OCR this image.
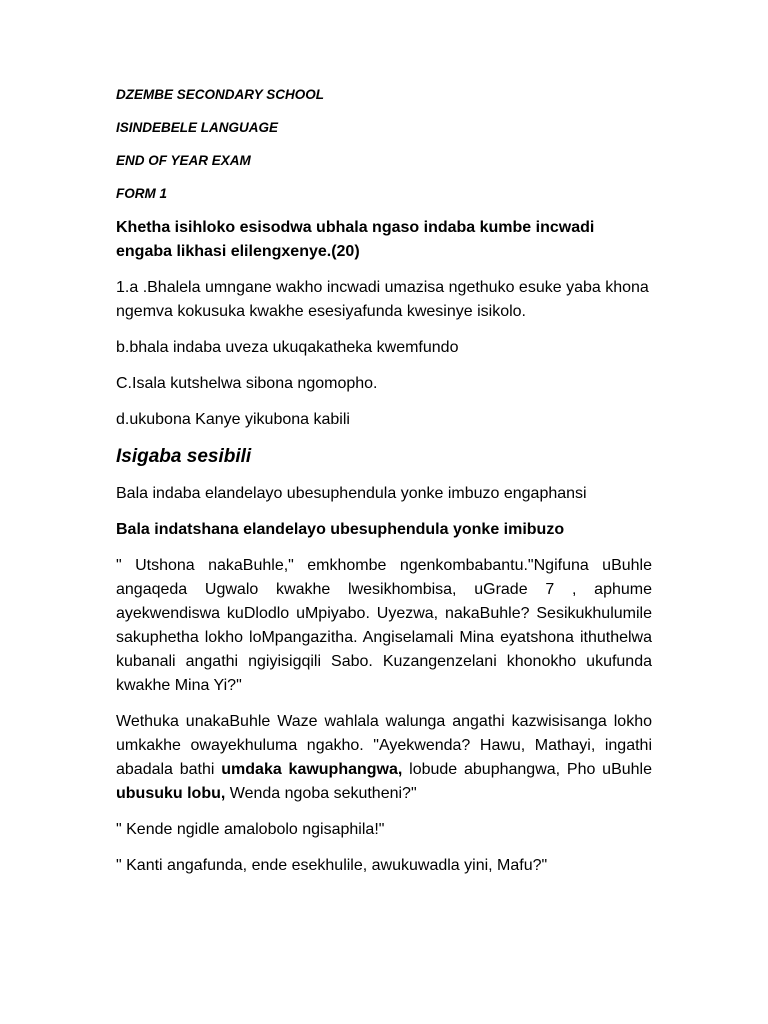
DZEMBE SECONDARY SCHOOL
ISINDEBELE LANGUAGE
END OF YEAR EXAM
FORM 1

Khetha isihloko esisodwa ubhala ngaso indaba kumbe incwadi engaba likhasi elilengxenye.(20)

1.a .Bhalela umngane wakho incwadi umazisa ngethuko esuke yaba khona ngemva kokusuka kwakhe esesiyafunda kwesinye isikolo.

b.bhala indaba uveza ukuqakatheka kwemfundo

C.Isala kutshelwa sibona ngomopho.

d.ukubona Kanye yikubona kabili

Isigaba sesibili

Bala indaba elandelayo ubesuphendula yonke imbuzo engaphansi

Bala indatshana elandelayo ubesuphendula yonke imibuzo

" Utshona nakaBuhle," emkhombe ngenkombabantu."Ngifuna uBuhle angaqeda Ugwalo kwakhe lwesikhombisa, uGrade 7 , aphume ayekwendiswa kuDlodlo uMpiyabo. Uyezwa, nakaBuhle? Sesikukhulumile sakuphetha lokho loMpangazitha. Angiselamali Mina eyatshona ithuthelwa kubanali angathi ngiyisigqili Sabo. Kuzangenzelani khonokho ukufunda kwakhe Mina Yi?"

Wethuka unakaBuhle Waze wahlala walunga angathi kazwisisanga lokho umkakhe owayekhuluma ngakho. "Ayekwenda? Hawu, Mathayi, ingathi abadala bathi umdaka kawuphangwa, lobude abuphangwa, Pho uBuhle ubusuku lobu, Wenda ngoba sekutheni?"

" Kende ngidle amalobolo ngisaphila!"

" Kanti angafunda, ende esekhulile, awukuwadla yini, Mafu?"
